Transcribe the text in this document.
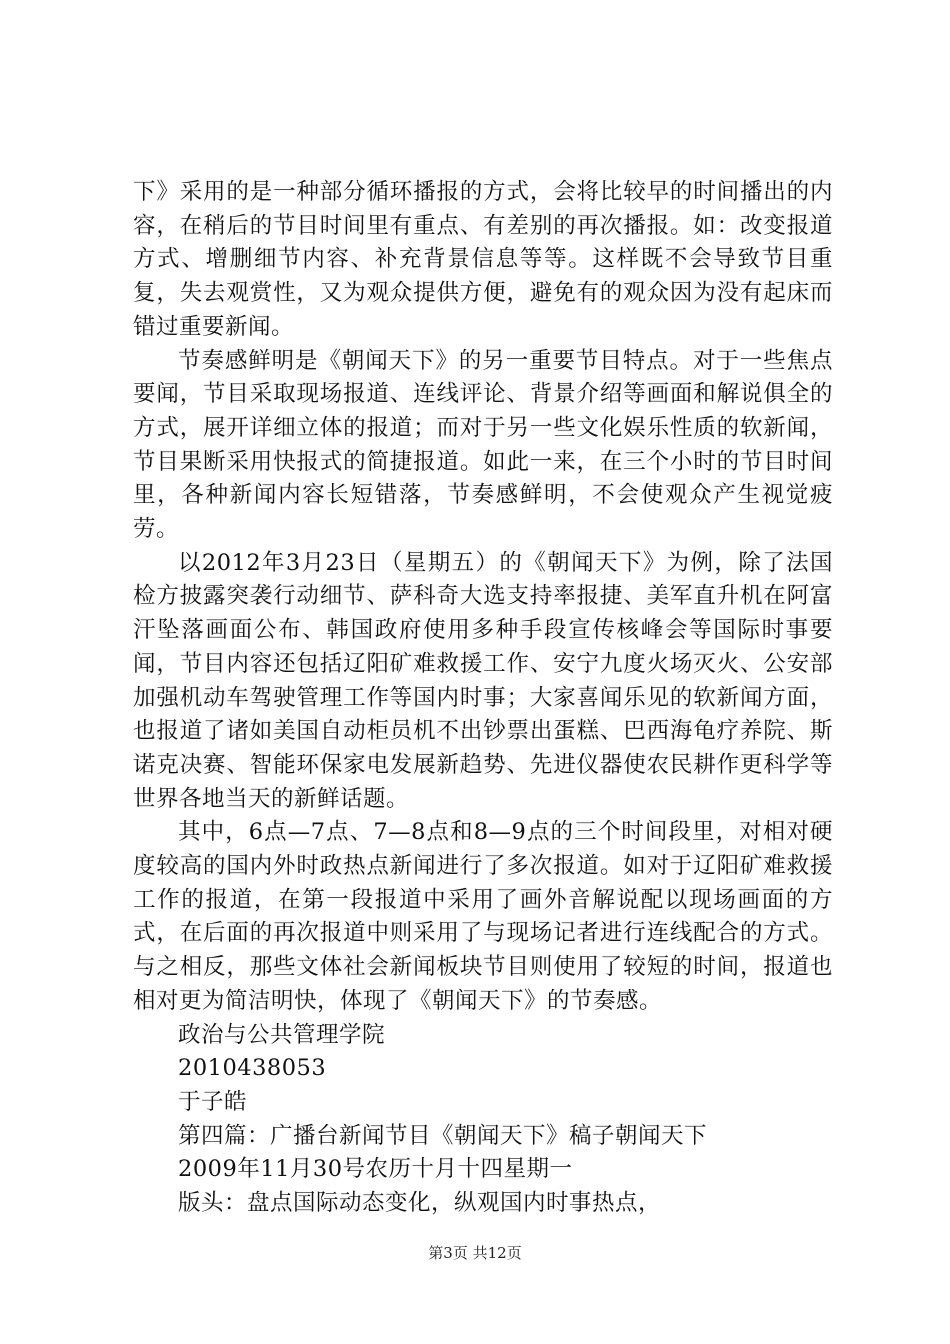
下》采用的是一种部分循环播报的方式，会将比较早的时间播出的内容，在稍后的节目时间里有重点、有差别的再次播报。如：改变报道方式、增删细节内容、补充背景信息等等。这样既不会导致节目重复，失去观赏性，又为观众提供方便，避免有的观众因为没有起床而错过重要新闻。

节奏感鲜明是《朝闻天下》的另一重要节目特点。对于一些焦点要闻，节目采取现场报道、连线评论、背景介绍等画面和解说俱全的方式，展开详细立体的报道；而对于另一些文化娱乐性质的软新闻，节目果断采用快报式的简捷报道。如此一来，在三个小时的节目时间里，各种新闻内容长短错落，节奏感鲜明，不会使观众产生视觉疲劳。

以2012年3月23日（星期五）的《朝闻天下》为例，除了法国检方披露突袭行动细节、萨科奇大选支持率报捷、美军直升机在阿富汗坠落画面公布、韩国政府使用多种手段宣传核峰会等国际时事要闻，节目内容还包括辽阳矿难救援工作、安宁九度火场灭火、公安部加强机动车驾驶管理工作等国内时事；大家喜闻乐见的软新闻方面，也报道了诸如美国自动柜员机不出钞票出蛋糕、巴西海龟疗养院、斯诺克决赛、智能环保家电发展新趋势、先进仪器使农民耕作更科学等世界各地当天的新鲜话题。

其中，6点—7点、7—8点和8—9点的三个时间段里，对相对硬度较高的国内外时政热点新闻进行了多次报道。如对于辽阳矿难救援工作的报道，在第一段报道中采用了画外音解说配以现场画面的方式，在后面的再次报道中则采用了与现场记者进行连线配合的方式。与之相反，那些文体社会新闻板块节目则使用了较短的时间，报道也相对更为简洁明快，体现了《朝闻天下》的节奏感。

政治与公共管理学院

2010438053

于子皓

第四篇：广播台新闻节目《朝闻天下》稿子朝闻天下

2009年11月30号农历十月十四星期一

版头：盘点国际动态变化，纵观国内时事热点，

第3页 共12页
